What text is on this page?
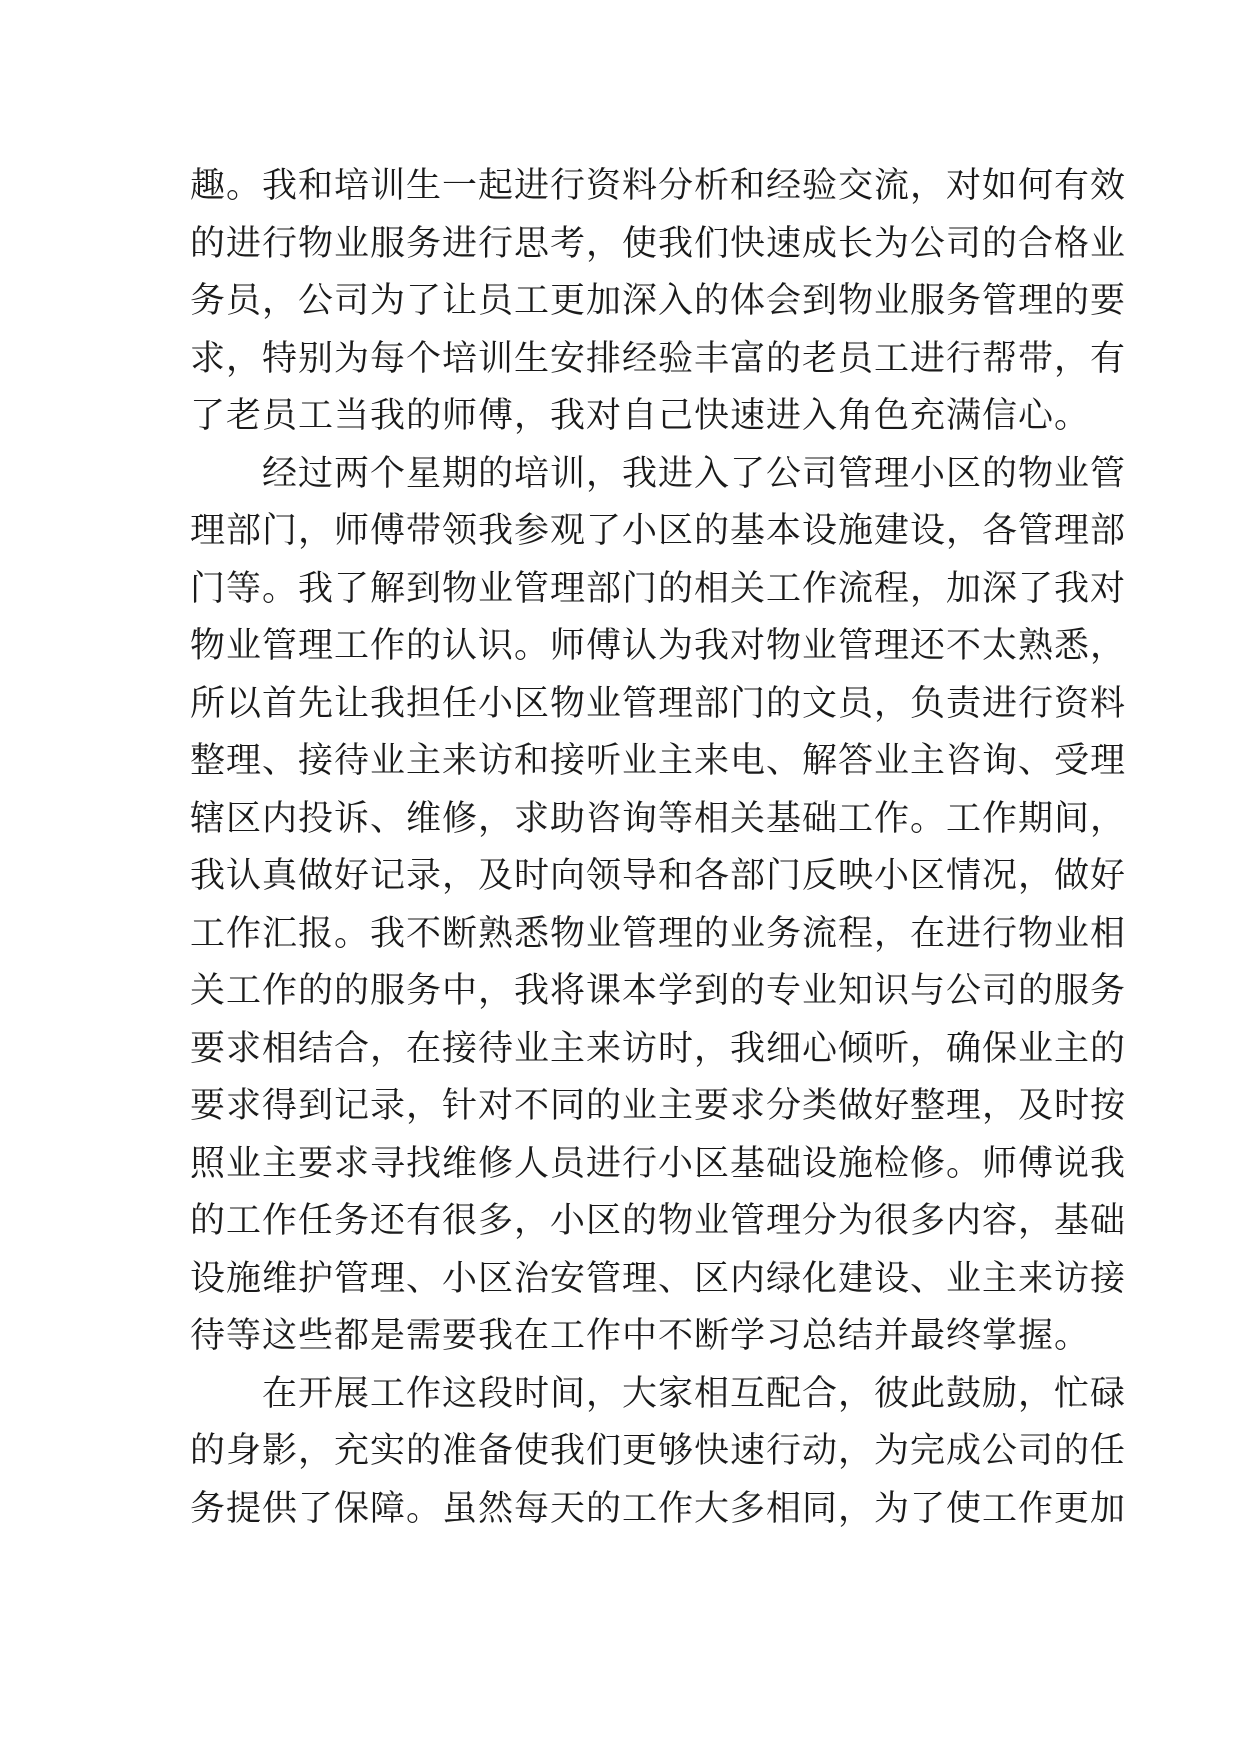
趣。我和培训生一起进行资料分析和经验交流，对如何有效
的进行物业服务进行思考，使我们快速成长为公司的合格业
务员，公司为了让员工更加深入的体会到物业服务管理的要
求，特别为每个培训生安排经验丰富的老员工进行帮带，有
了老员工当我的师傅，我对自己快速进入角色充满信心。
　　经过两个星期的培训，我进入了公司管理小区的物业管
理部门，师傅带领我参观了小区的基本设施建设，各管理部
门等。我了解到物业管理部门的相关工作流程，加深了我对
物业管理工作的认识。师傅认为我对物业管理还不太熟悉，
所以首先让我担任小区物业管理部门的文员，负责进行资料
整理、接待业主来访和接听业主来电、解答业主咨询、受理
辖区内投诉、维修，求助咨询等相关基础工作。工作期间，
我认真做好记录，及时向领导和各部门反映小区情况，做好
工作汇报。我不断熟悉物业管理的业务流程，在进行物业相
关工作的的服务中，我将课本学到的专业知识与公司的服务
要求相结合，在接待业主来访时，我细心倾听，确保业主的
要求得到记录，针对不同的业主要求分类做好整理，及时按
照业主要求寻找维修人员进行小区基础设施检修。师傅说我
的工作任务还有很多，小区的物业管理分为很多内容，基础
设施维护管理、小区治安管理、区内绿化建设、业主来访接
待等这些都是需要我在工作中不断学习总结并最终掌握。
　　在开展工作这段时间，大家相互配合，彼此鼓励，忙碌
的身影，充实的准备使我们更够快速行动，为完成公司的任
务提供了保障。虽然每天的工作大多相同，为了使工作更加
